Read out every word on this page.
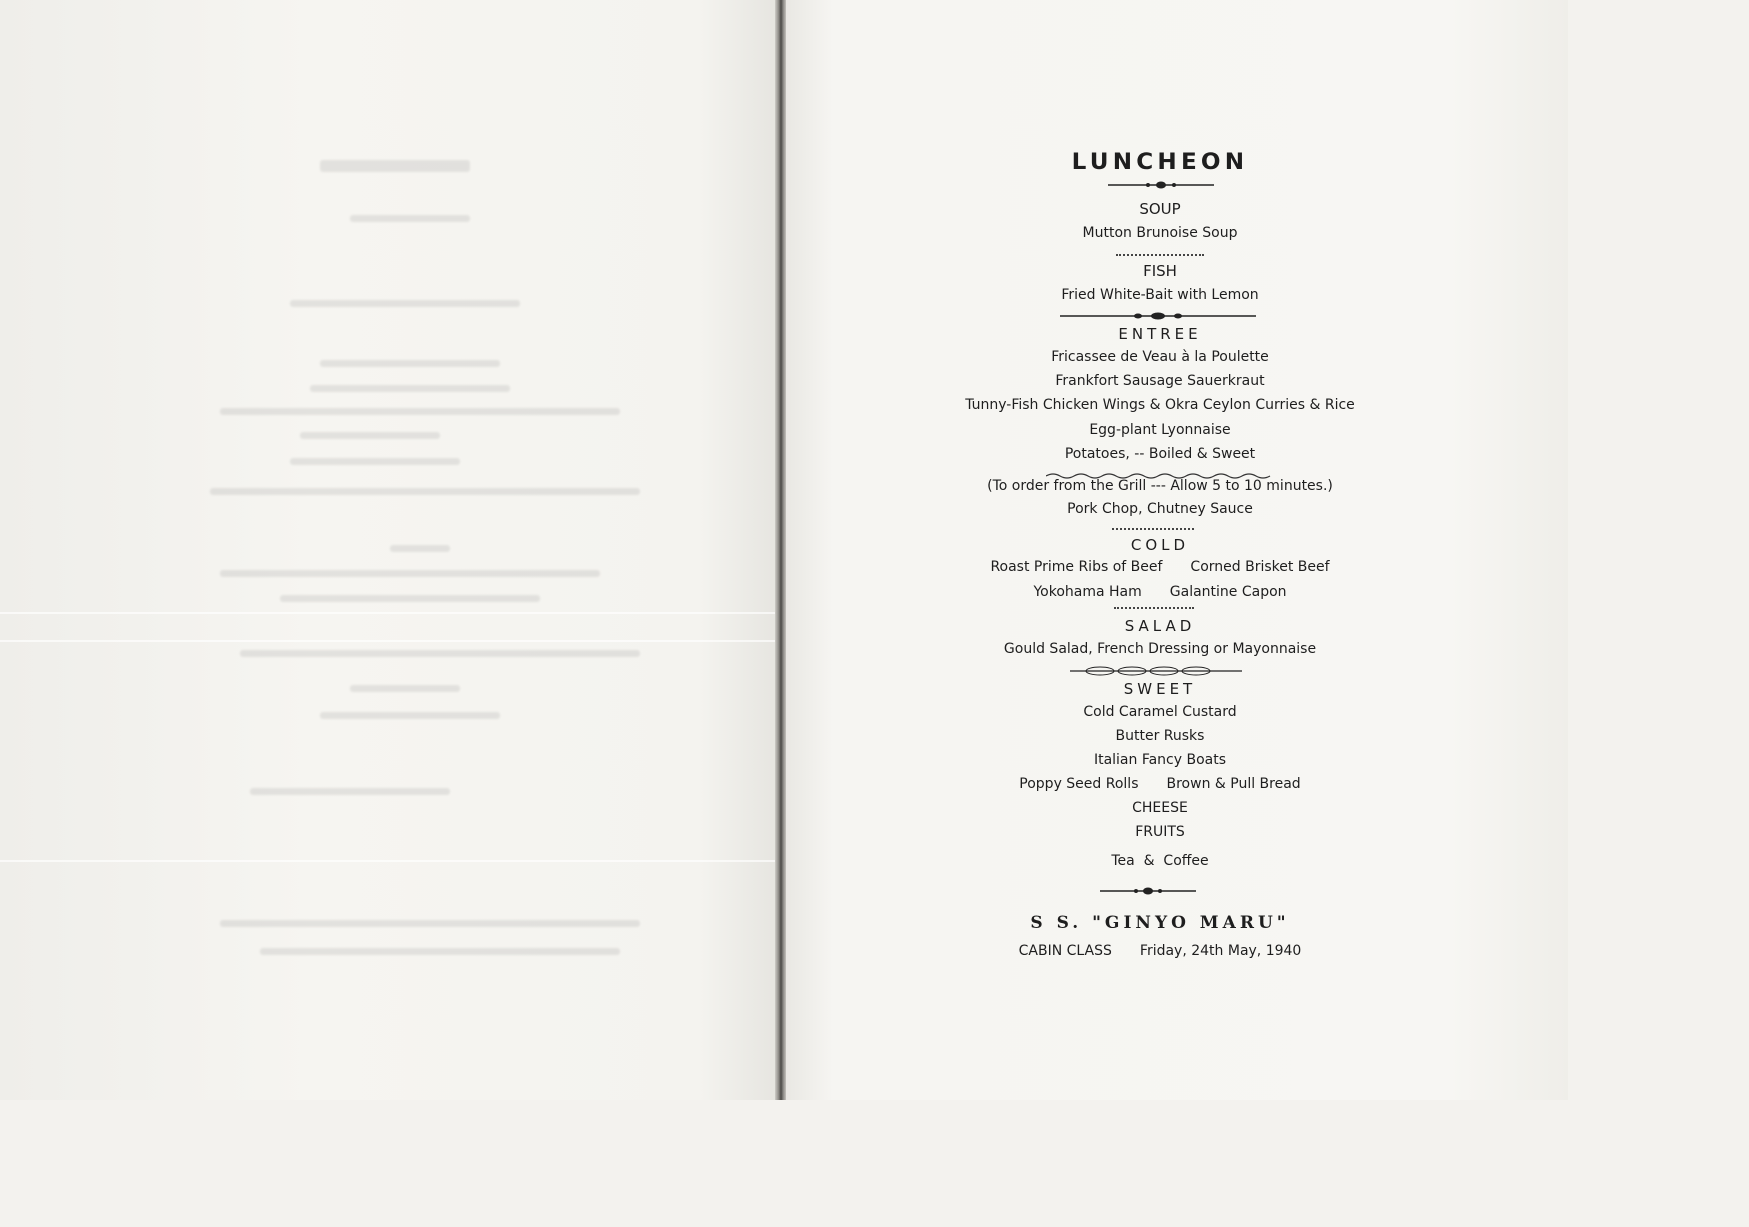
LUNCHEON
SOUP
Mutton Brunoise Soup
FISH
Fried White-Bait with Lemon
ENTREE
Fricassee de Veau à la Poulette
Frankfort Sausage Sauerkraut
Tunny-Fish Chicken Wings & Okra Ceylon Curries & Rice
Egg-plant Lyonnaise
Potatoes, -- Boiled & Sweet
(To order from the Grill --- Allow 5 to 10 minutes.)
Pork Chop, Chutney Sauce
COLD
Roast Prime Ribs of Beef Corned Brisket Beef
Yokohama Ham Galantine Capon
SALAD
Gould Salad, French Dressing or Mayonnaise
SWEET
Cold Caramel Custard
Butter Rusks
Italian Fancy Boats
Poppy Seed Rolls Brown & Pull Bread
CHEESE
FRUITS
Tea  &  Coffee
S S. "GINYO MARU"
CABIN CLASS Friday, 24th May, 1940
